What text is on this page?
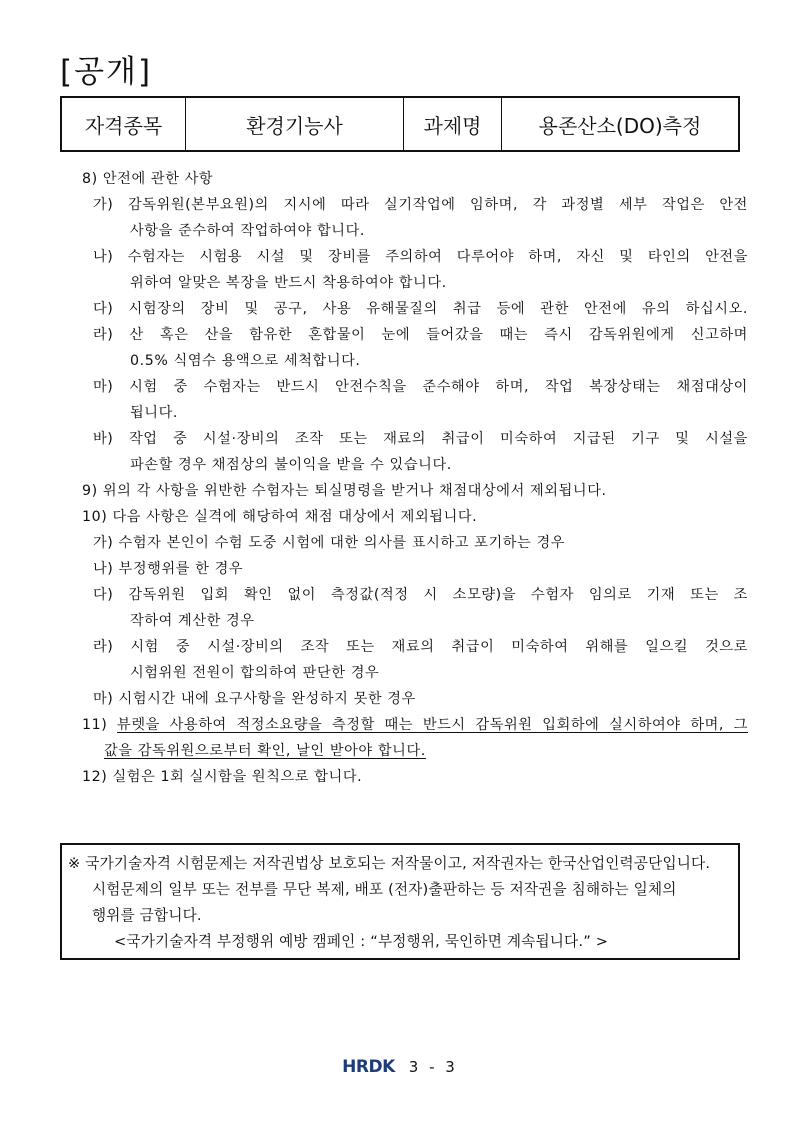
[공개]
자격종목	환경기능사	과제명	용존산소(DO)측정
8) 안전에 관한 사항
가) 감독위원(본부요원)의 지시에 따라 실기작업에 임하며, 각 과정별 세부 작업은 안전
사항을 준수하여 작업하여야 합니다.
나) 수험자는 시험용 시설 및 장비를 주의하여 다루어야 하며, 자신 및 타인의 안전을
위하여 알맞은 복장을 반드시 착용하여야 합니다.
다) 시험장의 장비 및 공구, 사용 유해물질의 취급 등에 관한 안전에 유의 하십시오.
라) 산 혹은 산을 함유한 혼합물이 눈에 들어갔을 때는 즉시 감독위원에게 신고하며
0.5% 식염수 용액으로 세척합니다.
마) 시험 중 수험자는 반드시 안전수칙을 준수해야 하며, 작업 복장상태는 채점대상이
됩니다.
바) 작업 중 시설·장비의 조작 또는 재료의 취급이 미숙하여 지급된 기구 및 시설을
파손할 경우 채점상의 불이익을 받을 수 있습니다.
9) 위의 각 사항을 위반한 수험자는 퇴실명령을 받거나 채점대상에서 제외됩니다.
10) 다음 사항은 실격에 해당하여 채점 대상에서 제외됩니다.
가) 수험자 본인이 수험 도중 시험에 대한 의사를 표시하고 포기하는 경우
나) 부정행위를 한 경우
다) 감독위원 입회 확인 없이 측정값(적정 시 소모량)을 수험자 임의로 기재 또는 조
작하여 계산한 경우
라) 시험 중 시설·장비의 조작 또는 재료의 취급이 미숙하여 위해를 일으킬 것으로
시험위원 전원이 합의하여 판단한 경우
마) 시험시간 내에 요구사항을 완성하지 못한 경우
11) 뷰렛을 사용하여 적정소요량을 측정할 때는 반드시 감독위원 입회하에 실시하여야 하며, 그
값을 감독위원으로부터 확인, 날인 받아야 합니다.
12) 실험은 1회 실시함을 원칙으로 합니다.
※ 국가기술자격 시험문제는 저작권법상 보호되는 저작물이고, 저작권자는 한국산업인력공단입니다.
시험문제의 일부 또는 전부를 무단 복제, 배포 (전자)출판하는 등 저작권을 침해하는 일체의
행위를 금합니다.
<국가기술자격 부정행위 예방 캠페인 : “부정행위, 묵인하면 계속됩니다.” >
HRDK 3 - 3
